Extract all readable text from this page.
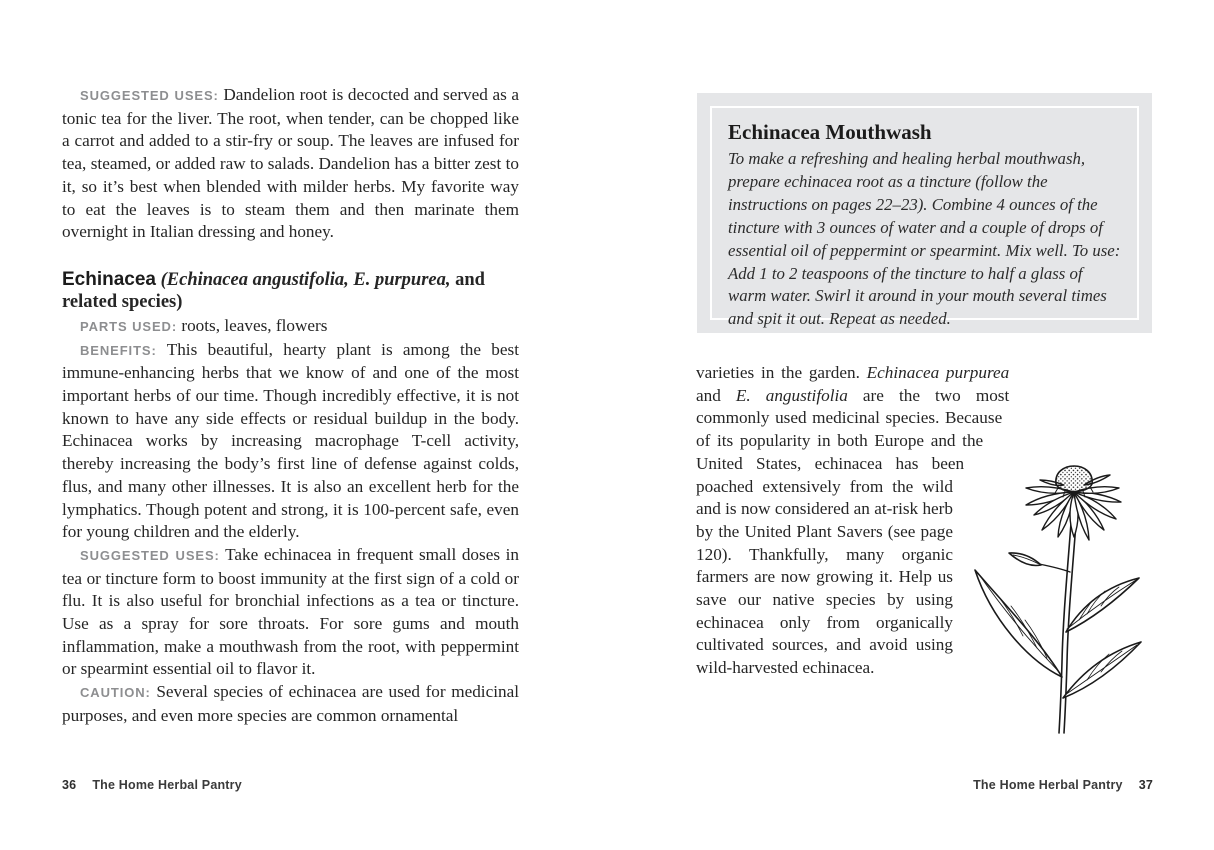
SUGGESTED USES: Dandelion root is decocted and served as a tonic tea for the liver. The root, when tender, can be chopped like a carrot and added to a stir-fry or soup. The leaves are infused for tea, steamed, or added raw to salads. Dandelion has a bitter zest to it, so it’s best when blended with milder herbs. My favorite way to eat the leaves is to steam them and then marinate them overnight in Italian dressing and honey.

Echinacea (Echinacea angustifolia, E. purpurea, and related species)

PARTS USED: roots, leaves, flowers

BENEFITS: This beautiful, hearty plant is among the best immune-enhancing herbs that we know of and one of the most important herbs of our time. Though incredibly effective, it is not known to have any side effects or residual buildup in the body. Echinacea works by increasing macrophage T-cell activity, thereby increasing the body’s first line of defense against colds, flus, and many other illnesses. It is also an excellent herb for the lymphatics. Though potent and strong, it is 100-percent safe, even for young children and the elderly.

SUGGESTED USES: Take echinacea in frequent small doses in tea or tincture form to boost immunity at the first sign of a cold or flu. It is also useful for bronchial infections as a tea or tincture. Use as a spray for sore throats. For sore gums and mouth inflammation, make a mouthwash from the root, with peppermint or spearmint essential oil to flavor it.

CAUTION: Several species of echinacea are used for medicinal purposes, and even more species are common ornamental

36 The Home Herbal Pantry
Echinacea Mouthwash

To make a refreshing and healing herbal mouthwash, prepare echinacea root as a tincture (follow the instructions on pages 22–23). Combine 4 ounces of the tincture with 3 ounces of water and a couple of drops of essential oil of peppermint or spearmint. Mix well. To use: Add 1 to 2 teaspoons of the tincture to half a glass of warm water. Swirl it around in your mouth several times and spit it out. Repeat as needed.

varieties in the garden. Echinacea purpurea and E. angustifolia are the two most commonly used medicinal species. Because of its popularity in both Europe and the United States, echinacea has been poached extensively from the wild and is now considered an at-risk herb by the United Plant Savers (see page 120). Thankfully, many organic farmers are now growing it. Help us save our native species by using echinacea only from organically cultivated sources, and avoid using wild-harvested echinacea.

The Home Herbal Pantry 37
